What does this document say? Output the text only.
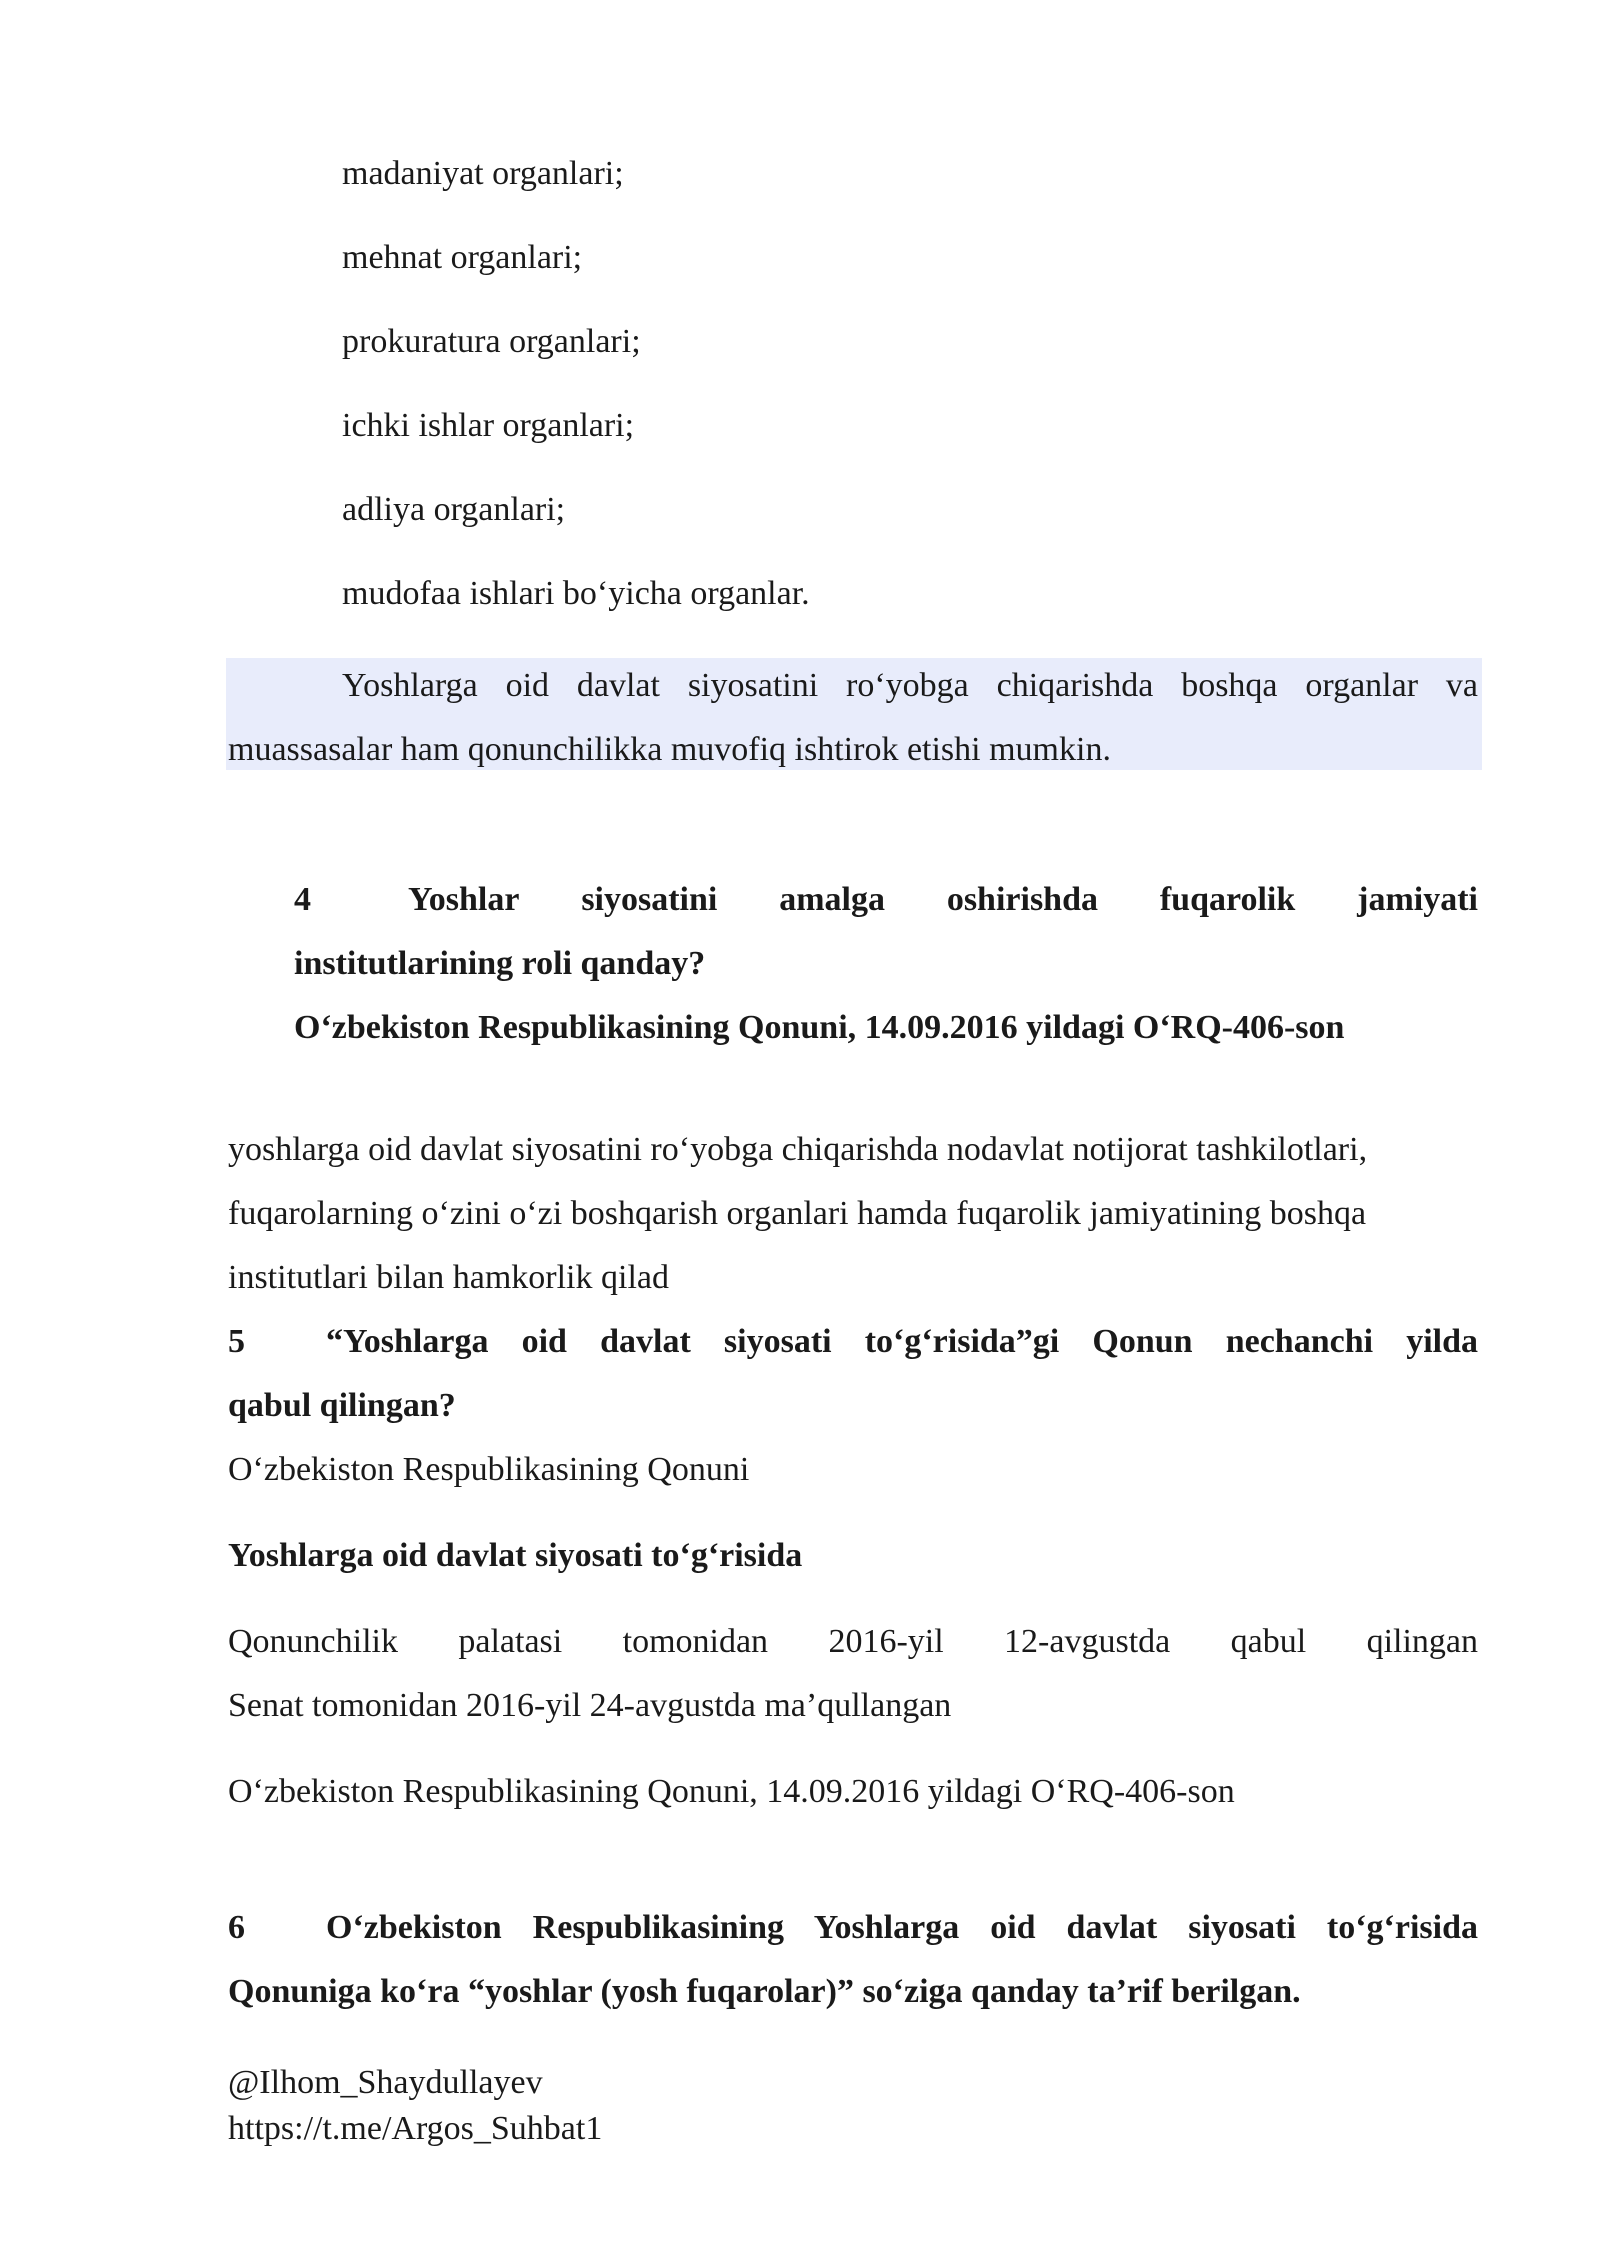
madaniyat organlari;
mehnat organlari;
prokuratura organlari;
ichki ishlar organlari;
adliya organlari;
mudofaa ishlari bo‘yicha organlar.
Yoshlarga oid davlat siyosatini ro‘yobga chiqarishda boshqa organlar va
muassasalar ham qonunchilikka muvofiq ishtirok etishi mumkin.
4	Yoshlar siyosatini amalga oshirishda fuqarolik jamiyati
institutlarining roli qanday?
O‘zbekiston Respublikasining Qonuni, 14.09.2016 yildagi O‘RQ-406-son
yoshlarga oid davlat siyosatini ro‘yobga chiqarishda nodavlat notijorat tashkilotlari,
fuqarolarning o‘zini o‘zi boshqarish organlari hamda fuqarolik jamiyatining boshqa
institutlari bilan hamkorlik qilad
5	“Yoshlarga oid davlat siyosati to‘g‘risida”gi Qonun nechanchi yilda
qabul qilingan?
O‘zbekiston Respublikasining Qonuni
Yoshlarga oid davlat siyosati to‘g‘risida
Qonunchilik palatasi tomonidan 2016-yil 12-avgustda qabul qilingan
Senat tomonidan 2016-yil 24-avgustda ma’qullangan
O‘zbekiston Respublikasining Qonuni, 14.09.2016 yildagi O‘RQ-406-son
6	O‘zbekiston Respublikasining Yoshlarga oid davlat siyosati to‘g‘risida
Qonuniga ko‘ra “yoshlar (yosh fuqarolar)” so‘ziga qanday ta’rif berilgan.
@Ilhom_Shaydullayev
https://t.me/Argos_Suhbat1
